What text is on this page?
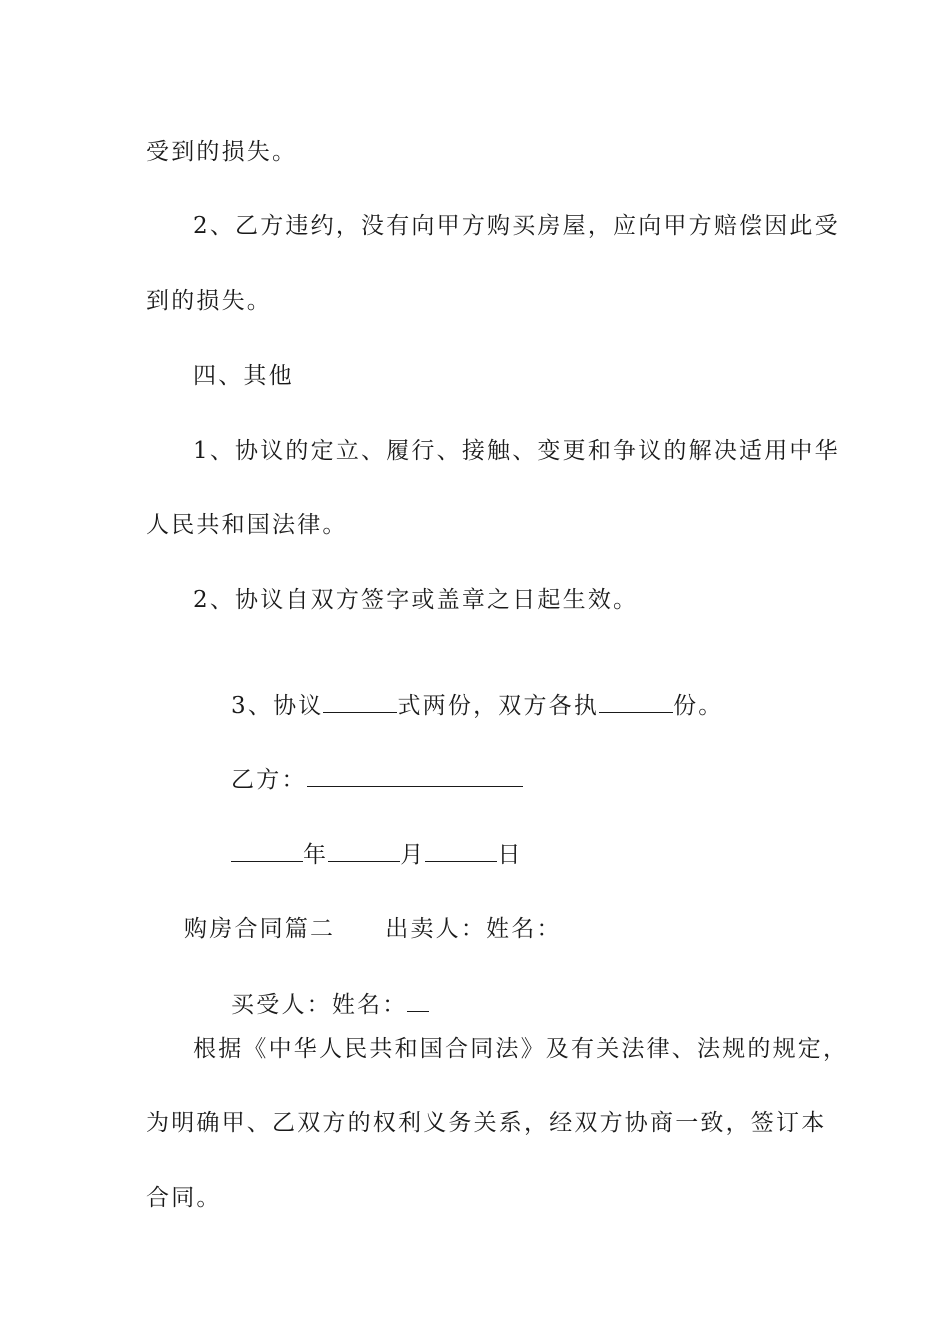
受到的损失。
2、乙方违约，没有向甲方购买房屋，应向甲方赔偿因此受
到的损失。
四、其他
1、协议的定立、履行、接触、变更和争议的解决适用中华
人民共和国法律。
2、协议自双方签字或盖章之日起生效。

3、协议	式两份，双方各执	份。

乙方：

年	月	日

购房合同篇二 出卖人：姓名：

买受人：姓名：

根据《中华人民共和国合同法》及有关法律、法规的规定，
为明确甲、乙双方的权利义务关系，经双方协商一致，签订本
合同。
